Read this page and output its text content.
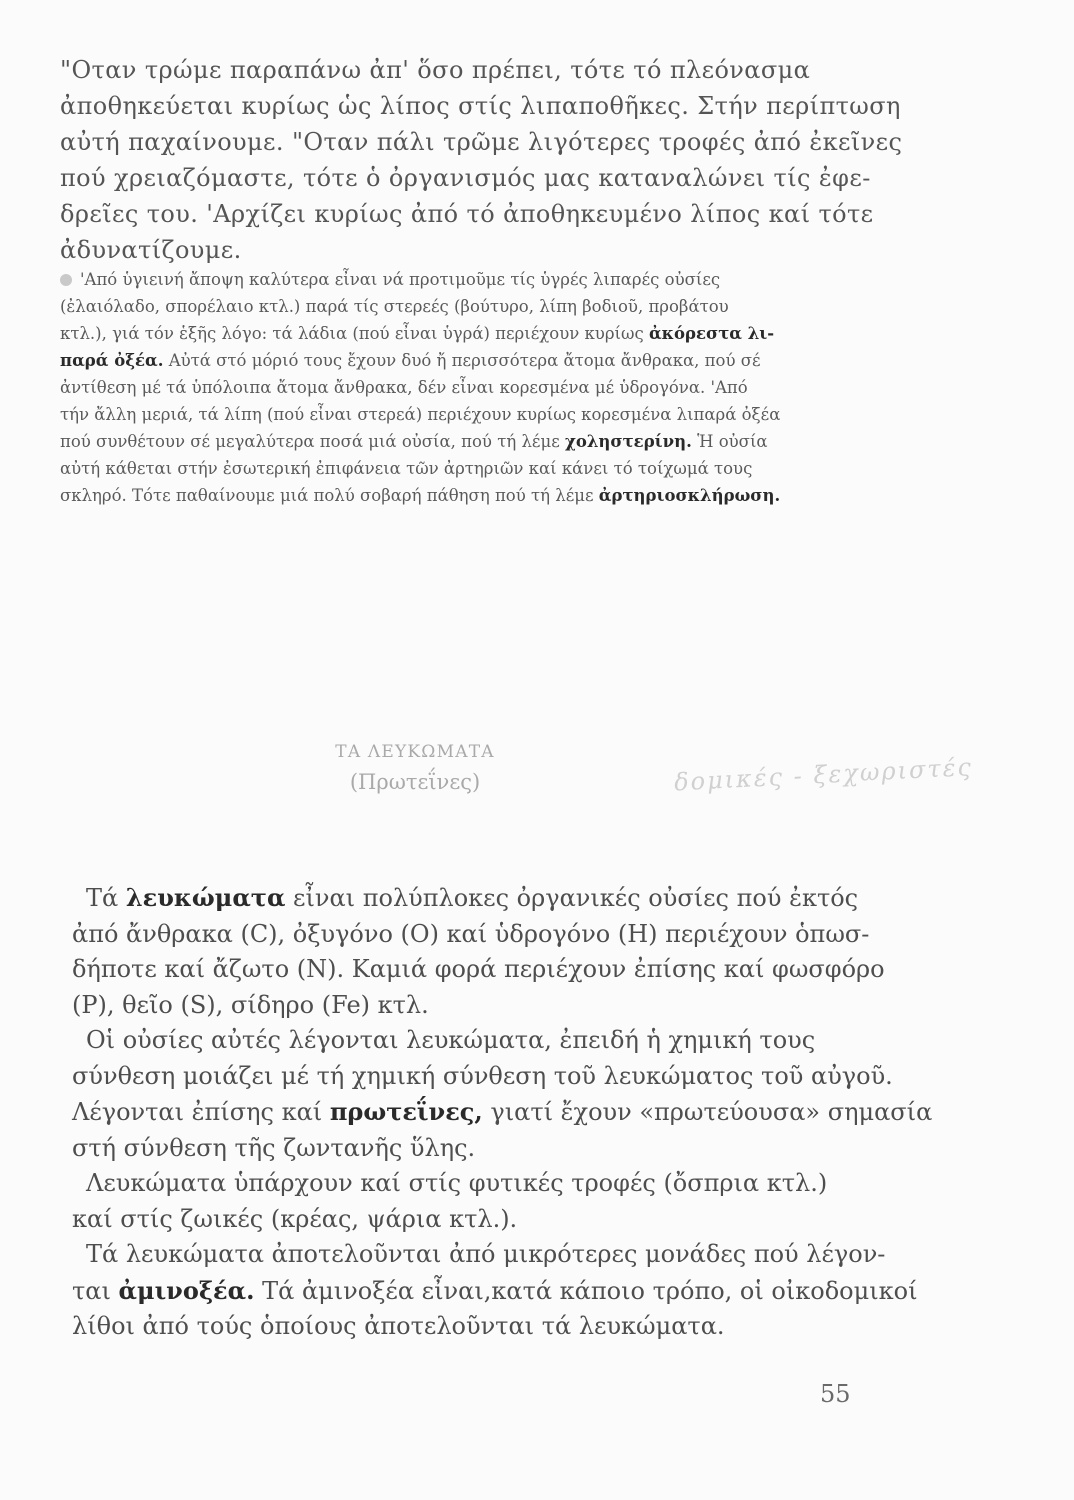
"Οταν τρώμε παραπάνω ἀπ' ὅσο πρέπει, τότε τό πλεόνασμα
ἀποθηκεύεται κυρίως ὡς λίπος στίς λιπαποθῆκες. Στήν περίπτωση
αὐτή παχαίνουμε. "Οταν πάλι τρῶμε λιγότερες τροφές ἀπό ἐκεῖνες
πού χρειαζόμαστε, τότε ὁ ὀργανισμός μας καταναλώνει τίς ἐφε-
δρεῖες του. 'Αρχίζει κυρίως ἀπό τό ἀποθηκευμένο λίπος καί τότε
ἀδυνατίζουμε.
'Από ὑγιεινή ἄποψη καλύτερα εἶναι νά προτιμοῦμε τίς ὑγρές λιπαρές οὐσίες
(ἐλαιόλαδο, σπορέλαιο κτλ.) παρά τίς στερεές (βούτυρο, λίπη βοδιοῦ, προβάτου
κτλ.), γιά τόν ἑξῆς λόγο: τά λάδια (πού εἶναι ὑγρά) περιέχουν κυρίως ἀκόρεστα λι-
παρά ὀξέα. Αὐτά στό μόριό τους ἔχουν δυό ἤ περισσότερα ἄτομα ἄνθρακα, πού σέ
ἀντίθεση μέ τά ὑπόλοιπα ἄτομα ἄνθρακα, δέν εἶναι κορεσμένα μέ ὑδρογόνα. 'Από
τήν ἄλλη μεριά, τά λίπη (πού εἶναι στερεά) περιέχουν κυρίως κορεσμένα λιπαρά ὀξέα
πού συνθέτουν σέ μεγαλύτερα ποσά μιά οὐσία, πού τή λέμε χοληστερίνη. Ἡ οὐσία
αὐτή κάθεται στήν ἐσωτερική ἐπιφάνεια τῶν ἀρτηριῶν καί κάνει τό τοίχωμά τους
σκληρό. Τότε παθαίνουμε μιά πολύ σοβαρή πάθηση πού τή λέμε ἀρτηριοσκλήρωση.
ΤΑ ΛΕΥΚΩΜΑΤΑ
(Πρωτεΐνες)	δομικές - ξεχωριστές
Τά λευκώματα εἶναι πολύπλοκες ὀργανικές οὐσίες πού ἐκτός
ἀπό ἄνθρακα (C), ὀξυγόνο (Ο) καί ὑδρογόνο (Η) περιέχουν ὁπωσ-
δήποτε καί ἄζωτο (Ν). Καμιά φορά περιέχουν ἐπίσης καί φωσφόρο
(Ρ), θεῖο (S), σίδηρο (Fe) κτλ.
Οἱ οὐσίες αὐτές λέγονται λευκώματα, ἐπειδή ἡ χημική τους
σύνθεση μοιάζει μέ τή χημική σύνθεση τοῦ λευκώματος τοῦ αὐγοῦ.
Λέγονται ἐπίσης καί πρωτεΐνες, γιατί ἔχουν «πρωτεύουσα» σημασία
στή σύνθεση τῆς ζωντανῆς ὕλης.
Λευκώματα ὑπάρχουν καί στίς φυτικές τροφές (ὄσπρια κτλ.)
καί στίς ζωικές (κρέας, ψάρια κτλ.).
Τά λευκώματα ἀποτελοῦνται ἀπό μικρότερες μονάδες πού λέγον-
ται ἀμινοξέα. Τά ἀμινοξέα εἶναι,κατά κάποιο τρόπο, οἱ οἰκοδομικοί
λίθοι ἀπό τούς ὁποίους ἀποτελοῦνται τά λευκώματα.
55
